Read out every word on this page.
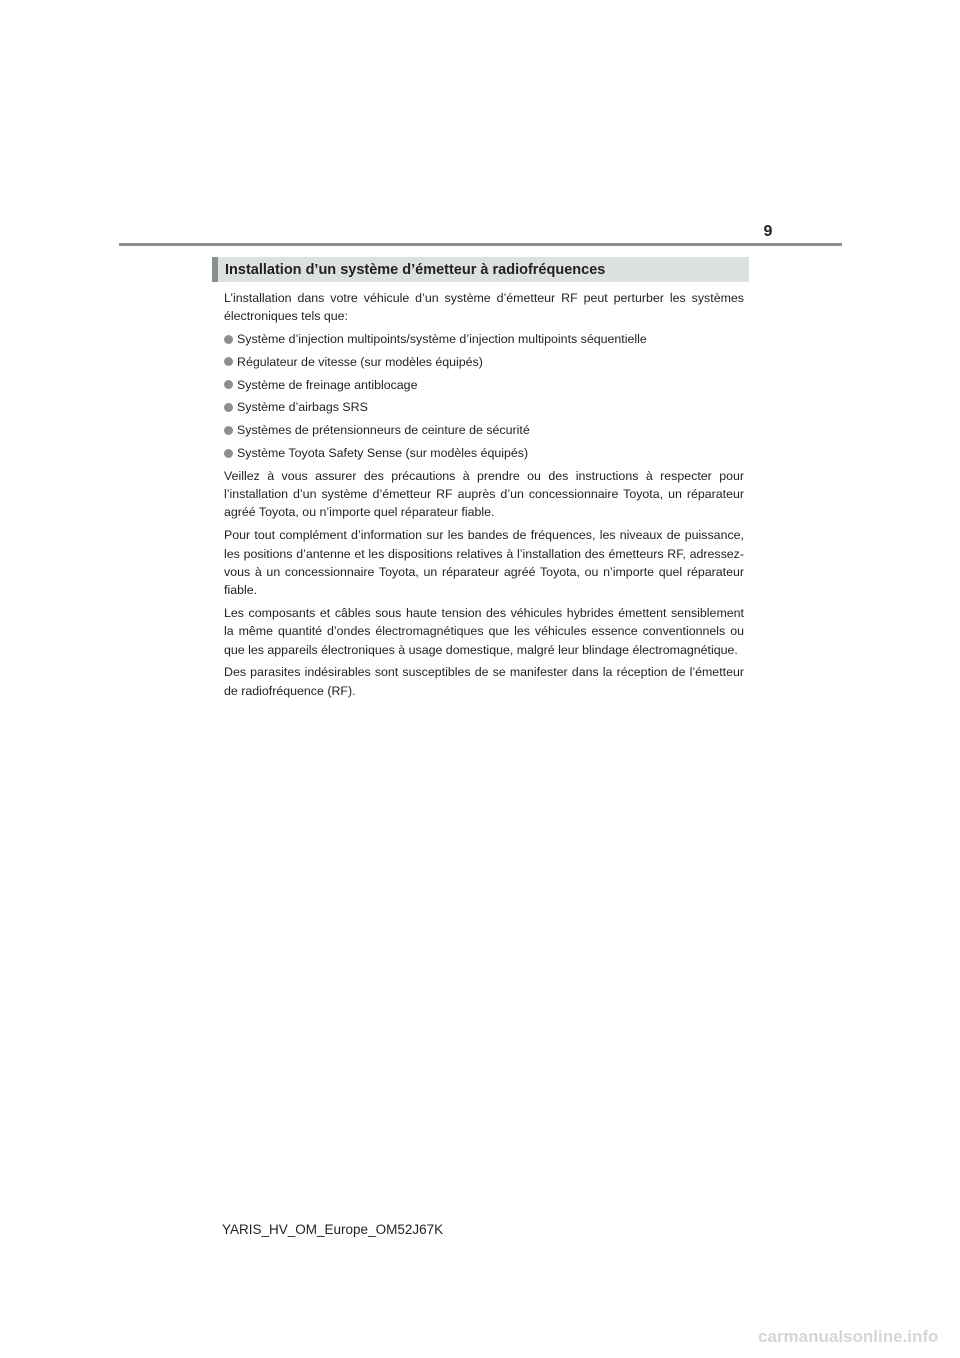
9
Installation d’un système d’émetteur à radiofréquences

L’installation dans votre véhicule d’un système d’émetteur RF peut perturber les systèmes électroniques tels que:

Système d’injection multipoints/système d’injection multipoints séquentielle
Régulateur de vitesse (sur modèles équipés)
Système de freinage antiblocage
Système d’airbags SRS
Systèmes de prétensionneurs de ceinture de sécurité
Système Toyota Safety Sense (sur modèles équipés)

Veillez à vous assurer des précautions à prendre ou des instructions à respecter pour l’installation d’un système d’émetteur RF auprès d’un concessionnaire Toyota, un réparateur agréé Toyota, ou n’importe quel réparateur fiable.

Pour tout complément d’information sur les bandes de fréquences, les niveaux de puissance, les positions d’antenne et les dispositions relatives à l’installation des émetteurs RF, adressez-vous à un concessionnaire Toyota, un réparateur agréé Toyota, ou n’importe quel réparateur fiable.

Les composants et câbles sous haute tension des véhicules hybrides émettent sensiblement la même quantité d’ondes électromagnétiques que les véhicules essence conventionnels ou que les appareils électroniques à usage domestique, malgré leur blindage électromagnétique.

Des parasites indésirables sont susceptibles de se manifester dans la réception de l’émetteur de radiofréquence (RF).

YARIS_HV_OM_Europe_OM52J67K
carmanualsonline.info
